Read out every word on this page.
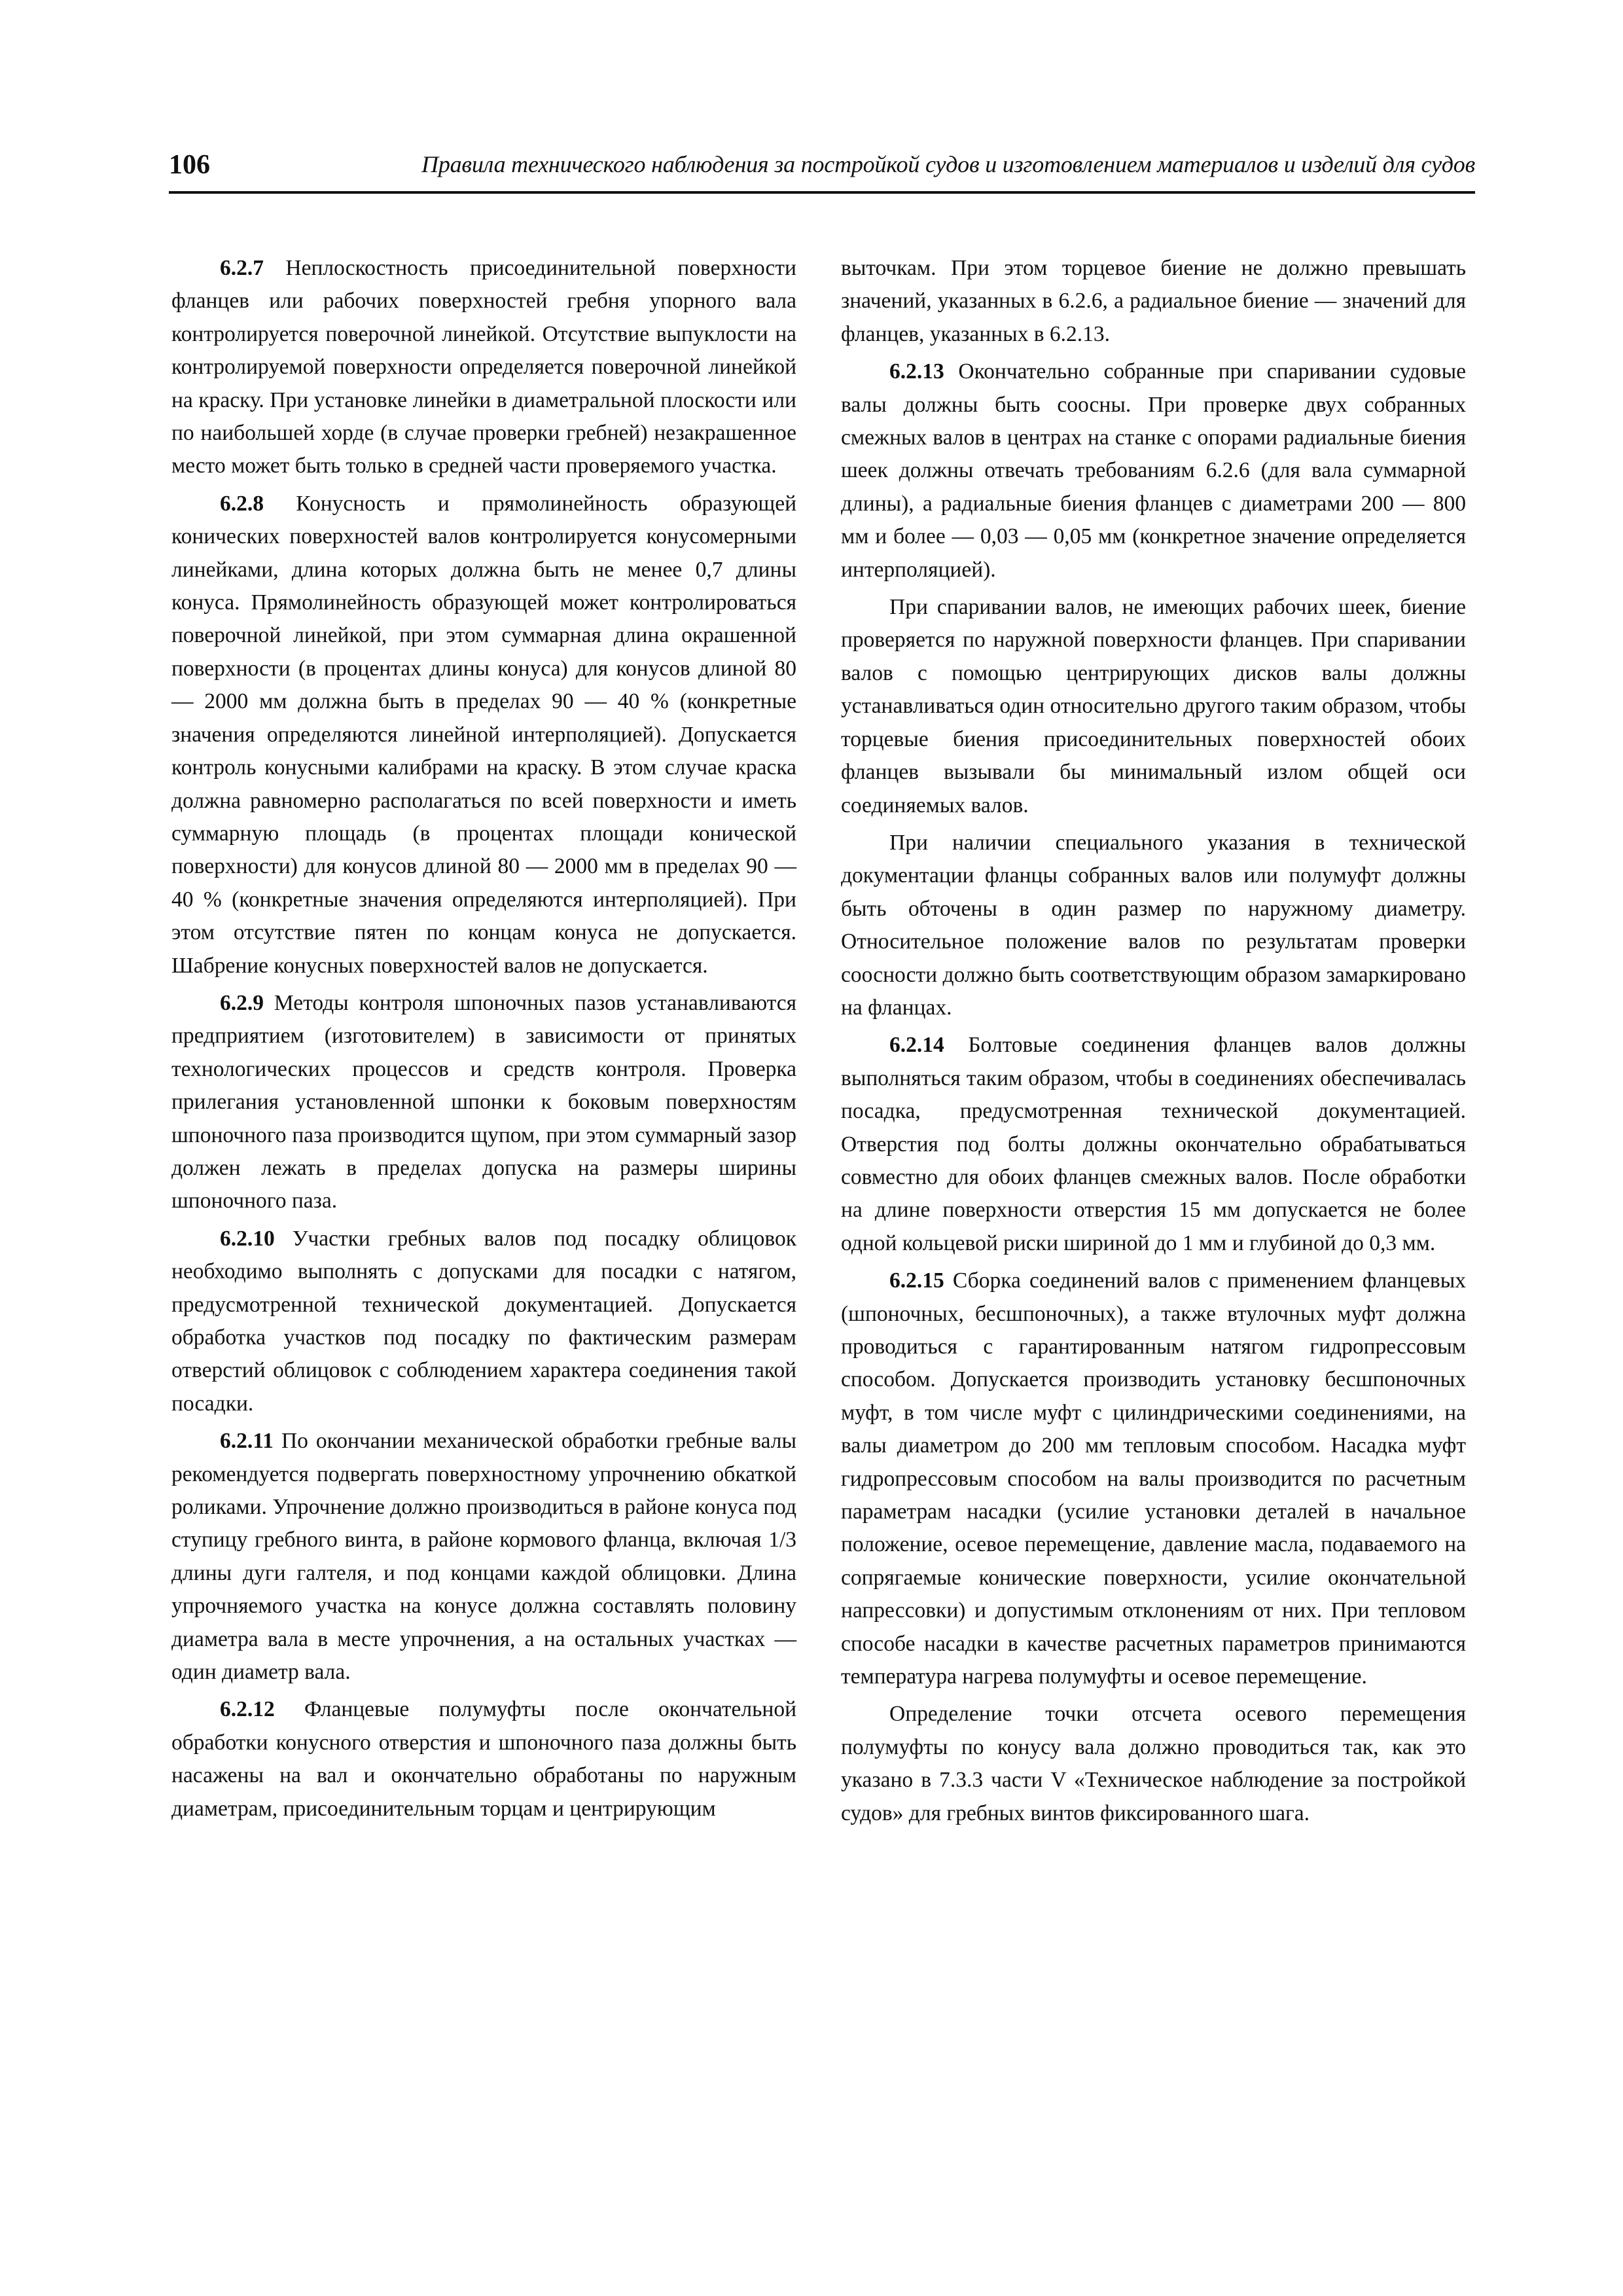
106	Правила технического наблюдения за постройкой судов и изготовлением материалов и изделий для судов

6.2.7 Неплоскостность присоединительной поверхности фланцев или рабочих поверхностей гребня упорного вала контролируется поверочной линейкой. Отсутствие выпуклости на контролируемой поверхности определяется поверочной линейкой на краску. При установке линейки в диаметральной плоскости или по наибольшей хорде (в случае проверки гребней) незакрашенное место может быть только в средней части проверяемого участка.

6.2.8 Конусность и прямолинейность образующей конических поверхностей валов контролируется конусомерными линейками, длина которых должна быть не менее 0,7 длины конуса. Прямолинейность образующей может контролироваться поверочной линейкой, при этом суммарная длина окрашенной поверхности (в процентах длины конуса) для конусов длиной 80 — 2000 мм должна быть в пределах 90 — 40 % (конкретные значения определяются линейной интерполяцией). Допускается контроль конусными калибрами на краску. В этом случае краска должна равномерно располагаться по всей поверхности и иметь суммарную площадь (в процентах площади конической поверхности) для конусов длиной 80 — 2000 мм в пределах 90 — 40 % (конкретные значения определяются интерполяцией). При этом отсутствие пятен по концам конуса не допускается. Шабрение конусных поверхностей валов не допускается.

6.2.9 Методы контроля шпоночных пазов устанавливаются предприятием (изготовителем) в зависимости от принятых технологических процессов и средств контроля. Проверка прилегания установленной шпонки к боковым поверхностям шпоночного паза производится щупом, при этом суммарный зазор должен лежать в пределах допуска на размеры ширины шпоночного паза.

6.2.10 Участки гребных валов под посадку облицовок необходимо выполнять с допусками для посадки с натягом, предусмотренной технической документацией. Допускается обработка участков под посадку по фактическим размерам отверстий облицовок с соблюдением характера соединения такой посадки.

6.2.11 По окончании механической обработки гребные валы рекомендуется подвергать поверхностному упрочнению обкаткой роликами. Упрочнение должно производиться в районе конуса под ступицу гребного винта, в районе кормового фланца, включая 1/3 длины дуги галтеля, и под концами каждой облицовки. Длина упрочняемого участка на конусе должна составлять половину диаметра вала в месте упрочнения, а на остальных участках — один диаметр вала.

6.2.12 Фланцевые полумуфты после окончательной обработки конусного отверстия и шпоночного паза должны быть насажены на вал и окончательно обработаны по наружным диаметрам, присоединительным торцам и центрирующим

выточкам. При этом торцевое биение не должно превышать значений, указанных в 6.2.6, а радиальное биение — значений для фланцев, указанных в 6.2.13.

6.2.13 Окончательно собранные при спаривании судовые валы должны быть соосны. При проверке двух собранных смежных валов в центрах на станке с опорами радиальные биения шеек должны отвечать требованиям 6.2.6 (для вала суммарной длины), а радиальные биения фланцев с диаметрами 200 — 800 мм и более — 0,03 — 0,05 мм (конкретное значение определяется интерполяцией).

При спаривании валов, не имеющих рабочих шеек, биение проверяется по наружной поверхности фланцев. При спаривании валов с помощью центрирующих дисков валы должны устанавливаться один относительно другого таким образом, чтобы торцевые биения присоединительных поверхностей обоих фланцев вызывали бы минимальный излом общей оси соединяемых валов.

При наличии специального указания в технической документации фланцы собранных валов или полумуфт должны быть обточены в один размер по наружному диаметру. Относительное положение валов по результатам проверки соосности должно быть соответствующим образом замаркировано на фланцах.

6.2.14 Болтовые соединения фланцев валов должны выполняться таким образом, чтобы в соединениях обеспечивалась посадка, предусмотренная технической документацией. Отверстия под болты должны окончательно обрабатываться совместно для обоих фланцев смежных валов. После обработки на длине поверхности отверстия 15 мм допускается не более одной кольцевой риски шириной до 1 мм и глубиной до 0,3 мм.

6.2.15 Сборка соединений валов с применением фланцевых (шпоночных, бесшпоночных), а также втулочных муфт должна проводиться с гарантированным натягом гидропрессовым способом. Допускается производить установку бесшпоночных муфт, в том числе муфт с цилиндрическими соединениями, на валы диаметром до 200 мм тепловым способом. Насадка муфт гидропрессовым способом на валы производится по расчетным параметрам насадки (усилие установки деталей в начальное положение, осевое перемещение, давление масла, подаваемого на сопрягаемые конические поверхности, усилие окончательной напрессовки) и допустимым отклонениям от них. При тепловом способе насадки в качестве расчетных параметров принимаются температура нагрева полумуфты и осевое перемещение.

Определение точки отсчета осевого перемещения полумуфты по конусу вала должно проводиться так, как это указано в 7.3.3 части V «Техническое наблюдение за постройкой судов» для гребных винтов фиксированного шага.
